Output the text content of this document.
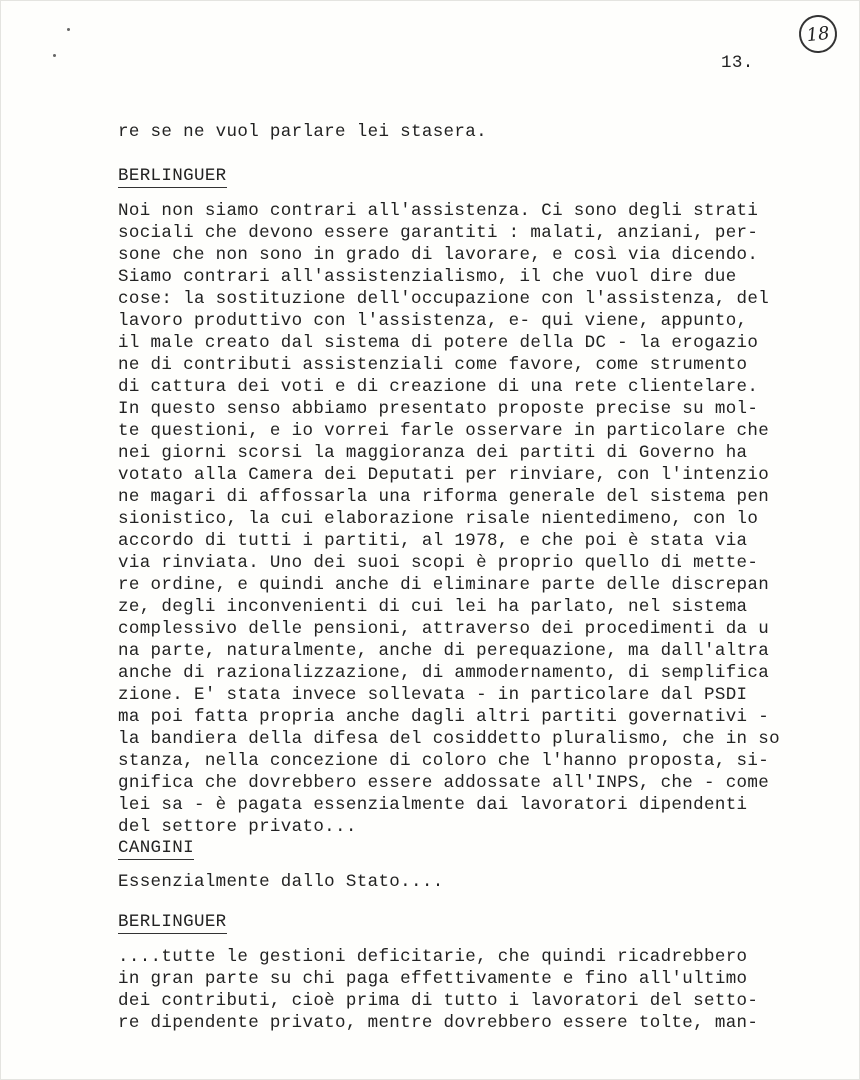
18
13.
re se ne vuol parlare lei stasera.
BERLINGUER
Noi non siamo contrari all'assistenza. Ci sono degli strati
sociali che devono essere garantiti : malati, anziani, per-
sone che non sono in grado di lavorare, e così via dicendo.
Siamo contrari all'assistenzialismo, il che vuol dire due
cose: la sostituzione dell'occupazione con l'assistenza, del
lavoro produttivo con l'assistenza, e- qui viene, appunto,
il male creato dal sistema di potere della DC - la erogazio
ne di contributi assistenziali come favore, come strumento
di cattura dei voti e di creazione di una rete clientelare.
In questo senso abbiamo presentato proposte precise su mol-
te questioni, e io vorrei farle osservare in particolare che
nei giorni scorsi la maggioranza dei partiti di Governo ha
votato alla Camera dei Deputati per rinviare, con l'intenzio
ne magari di affossarla una riforma generale del sistema pen
sionistico, la cui elaborazione risale nientedimeno, con lo
accordo di tutti i partiti, al 1978, e che poi è stata via
via rinviata. Uno dei suoi scopi è proprio quello di mette-
re ordine, e quindi anche di eliminare parte delle discrepan
ze, degli inconvenienti di cui lei ha parlato, nel sistema
complessivo delle pensioni, attraverso dei procedimenti da u
na parte, naturalmente, anche di perequazione, ma dall'altra
anche di razionalizzazione, di ammodernamento, di semplifica
zione. E' stata invece sollevata - in particolare dal PSDI
ma poi fatta propria anche dagli altri partiti governativi -
la bandiera della difesa del cosiddetto pluralismo, che in so
stanza, nella concezione di coloro che l'hanno proposta, si-
gnifica che dovrebbero essere addossate all'INPS, che - come
lei sa - è pagata essenzialmente dai lavoratori dipendenti
del settore privato...
CANGINI
Essenzialmente dallo Stato....
BERLINGUER
....tutte le gestioni deficitarie, che quindi ricadrebbero
in gran parte su chi paga effettivamente e fino all'ultimo
dei contributi, cioè prima di tutto i lavoratori del setto-
re dipendente privato, mentre dovrebbero essere tolte, man-
